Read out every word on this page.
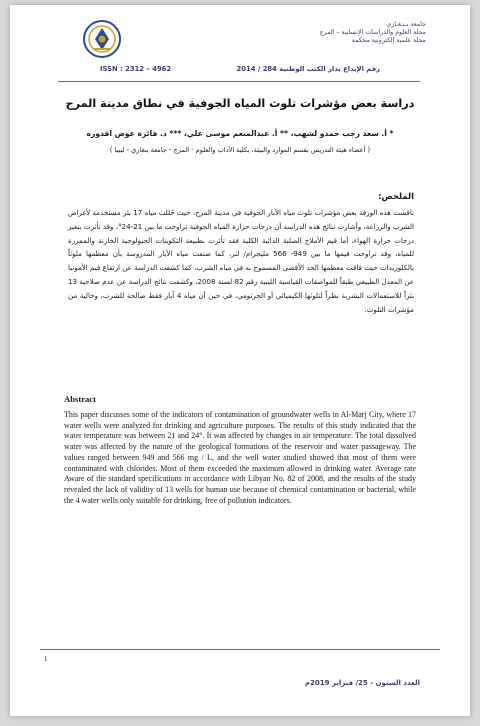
جامعة بـنـغـازي
مجلة العلوم والدراسات الإنسانية – المرج
مجلة علمية إلكترونية محكمة
ISSN : 2312 – 4962	رقم الإيداع بدار الكتب الوطنية 284 / 2014
دراسة بعض مؤشرات تلوث المياه الجوفية في نطاق مدينة المرج
* أ. سعد رجب حمدو لشهب، ** أ. عبدالمنعم موسى علي، *** د. فائزة عوض اقدوره
( أعضاء هيئة التدريس بقسم الموارد والبيئة، بكلية الآداب والعلوم - المرج - جامعة بنغازي - ليبيا )
الملخص:
ناقشت هذه الورقة بعض مؤشرات تلوث مياه الآبار الجوفية في مدينة المرج، حيث حُللت مياه 17 بئر مستخدمة لأغراض الشرب والزراعة، وأشارت نتائج هذه الدراسة أن درجات حرارة المياه الجوفية تراوحت ما بين 21-24°، وقد تأثرت بتغير درجات حرارة الهواء، أما قيم الأملاح الصلبة الذائبة الكلية فقد تأثرت بطبيعة التكوينات الجيولوجية الخازنة والممررة للمياه، وقد تراوحت قيمها ما بين 949- 566 مليجرام/ لتر، كما صنفت مياه الآبار المدروسة بأن معظمها ملوثاً بالكلوريدات حيث فاقت معظمها الحد الأقصى المسموح به في مياه الشرب، كما كشفت الدراسة عن ارتفاع قيم الأمونيا عن المعدل الطبيعي طبقاً للمواصفات القياسية الليبية رقم 82 لسنة 2008، وكشفت نتائج الدراسة عن عدم صلاحية 13 بئراً للاستعمالات البشرية نظراً لتلوثها الكيميائي أو الجرثومي، في حين أن مياه 4 آبار فقط صالحة للشرب، وخالية من مؤشرات التلوث.
Abstract
This paper discusses some of the indicators of contamination of groundwater wells in Al-Marj City, where 17 water wells were analyzed for drinking and agriculture purposes. The results of this study indicated that the water temperature was between 21 and 24°. It was affected by changes in air temperature. The total dissolved water was affected by the nature of the geological formations of the reservoir and water passageway. The values ranged between 949 and 566 mg / L, and the well water studied showed that most of them were contaminated with chlorides. Most of them exceeded the maximum allowed in drinking water. Average rate Aware of the standard specifications in accordance with Libyan No. 82 of 2008, and the results of the study revealed the lack of validity of 13 wells for human use because of chemical contamination or bacterial, while the 4 water wells only suitable for drinking, free of pollution indicators.
1
العدد الستون - 25/ فبراير 2019م
